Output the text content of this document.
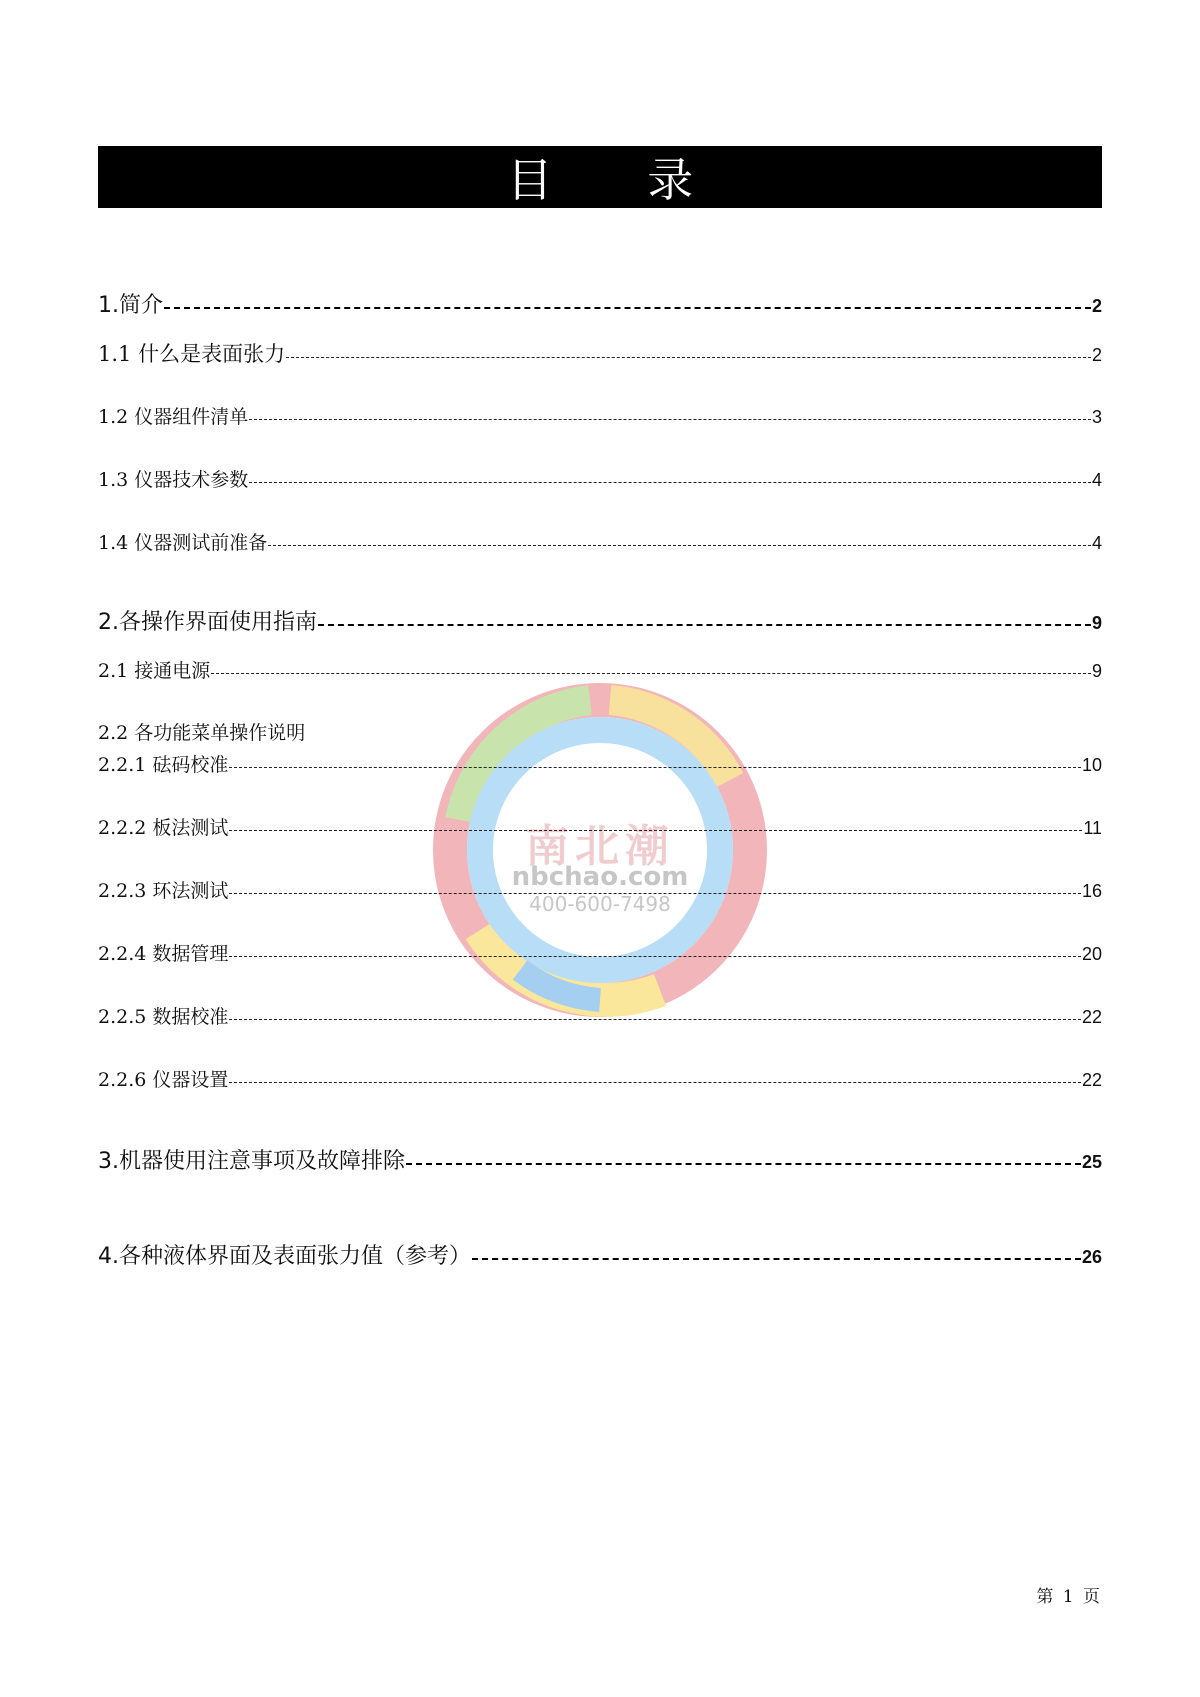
目 录
1.简介	2
1.1 什么是表面张力	2
1.2 仪器组件清单	3
1.3 仪器技术参数	4
1.4 仪器测试前准备	4
南北潮
nbchao.com
400-600-7498
2.各操作界面使用指南	9
2.1 接通电源	9
2.2 各功能菜单操作说明
2.2.1 砝码校准	10
2.2.2 板法测试	11
2.2.3 环法测试	16
2.2.4 数据管理	20
2.2.5 数据校准	22
2.2.6 仪器设置	22
3.机器使用注意事项及故障排除	25
4.各种液体界面及表面张力值（参考）	26
第 1 页
